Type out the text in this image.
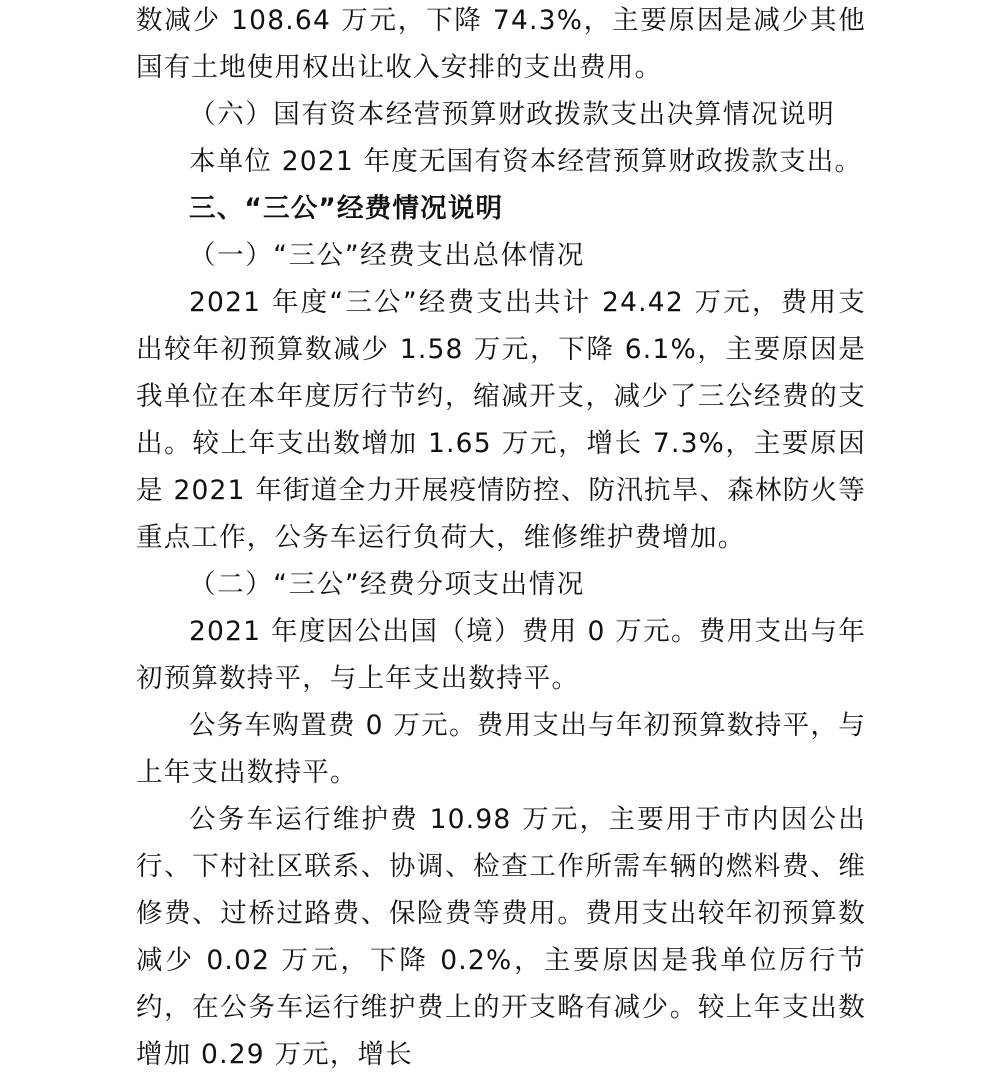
数减少 108.64 万元，下降 74.3%，主要原因是减少其他国有土地使用权出让收入安排的支出费用。

（六）国有资本经营预算财政拨款支出决算情况说明

本单位 2021 年度无国有资本经营预算财政拨款支出。

三、“三公”经费情况说明

（一）“三公”经费支出总体情况

2021 年度“三公”经费支出共计 24.42 万元，费用支出较年初预算数减少 1.58 万元，下降 6.1%，主要原因是我单位在本年度厉行节约，缩减开支，减少了三公经费的支出。较上年支出数增加 1.65 万元，增长 7.3%，主要原因是 2021 年街道全力开展疫情防控、防汛抗旱、森林防火等重点工作，公务车运行负荷大，维修维护费增加。

（二）“三公”经费分项支出情况

2021 年度因公出国（境）费用 0 万元。费用支出与年初预算数持平，与上年支出数持平。

公务车购置费 0 万元。费用支出与年初预算数持平，与上年支出数持平。

公务车运行维护费 10.98 万元，主要用于市内因公出行、下村社区联系、协调、检查工作所需车辆的燃料费、维修费、过桥过路费、保险费等费用。费用支出较年初预算数减少 0.02 万元，下降 0.2%，主要原因是我单位厉行节约，在公务车运行维护费上的开支略有减少。较上年支出数增加 0.29 万元，增长
